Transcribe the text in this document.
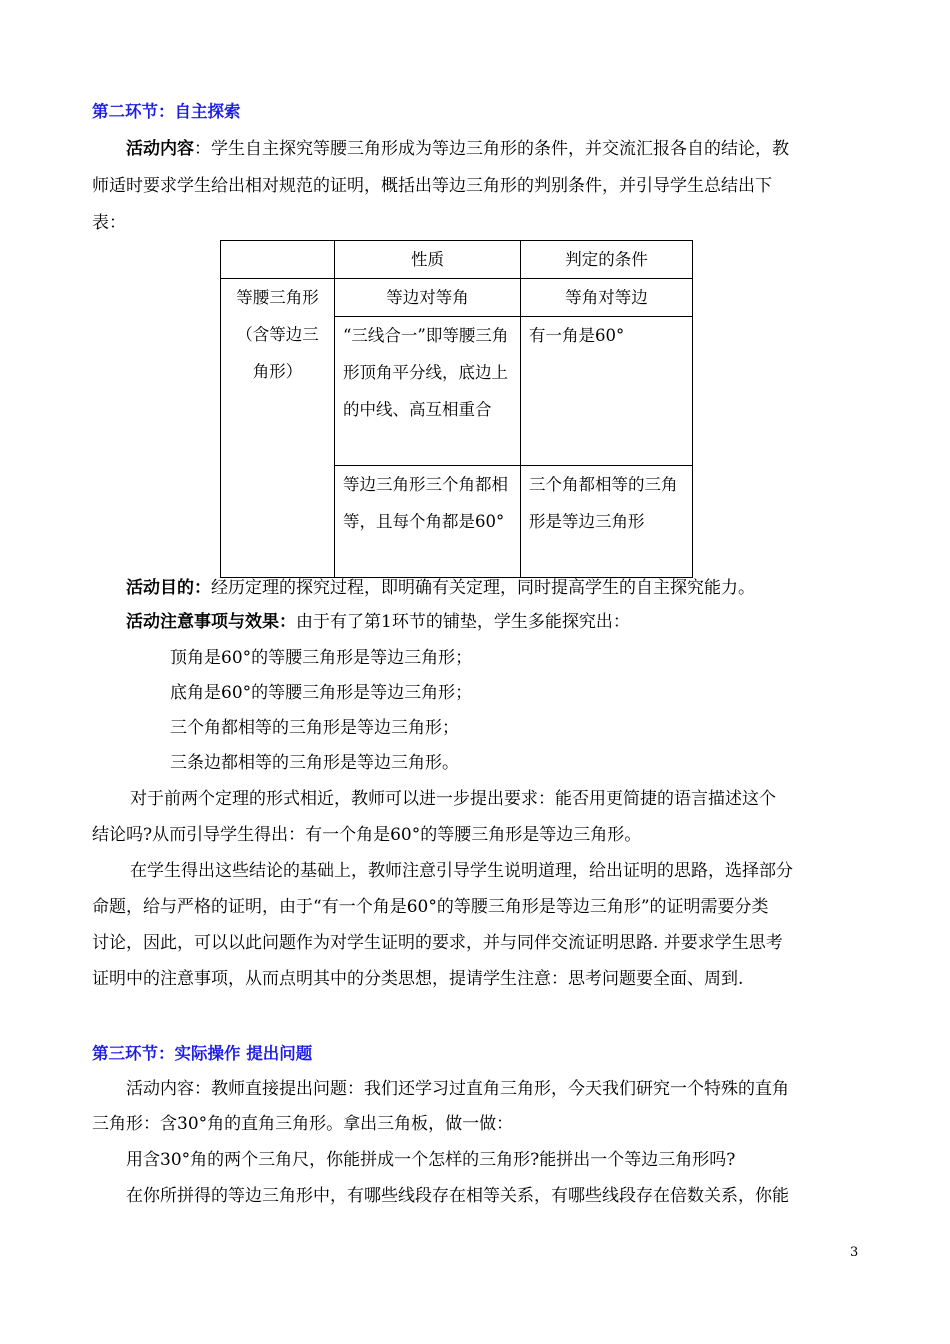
第二环节：自主探索
活动内容：学生自主探究等腰三角形成为等边三角形的条件，并交流汇报各自的结论，教
师适时要求学生给出相对规范的证明，概括出等边三角形的判别条件，并引导学生总结出下
表：
	性质	判定的条件
等腰三角形（含等边三角形）	等边对等角	等角对等边
	“三线合一”即等腰三角形顶角平分线，底边上的中线、高互相重合	有一角是60°
	等边三角形三个角都相等，且每个角都是60°	三个角都相等的三角形是等边三角形
活动目的：经历定理的探究过程，即明确有关定理，同时提高学生的自主探究能力。
活动注意事项与效果：由于有了第1环节的铺垫，学生多能探究出：
顶角是60°的等腰三角形是等边三角形；
底角是60°的等腰三角形是等边三角形；
三个角都相等的三角形是等边三角形；
三条边都相等的三角形是等边三角形。
对于前两个定理的形式相近，教师可以进一步提出要求：能否用更简捷的语言描述这个
结论吗?从而引导学生得出：有一个角是60°的等腰三角形是等边三角形。
在学生得出这些结论的基础上，教师注意引导学生说明道理，给出证明的思路，选择部分
命题，给与严格的证明，由于“有一个角是60°的等腰三角形是等边三角形”的证明需要分类
讨论，因此，可以以此问题作为对学生证明的要求，并与同伴交流证明思路. 并要求学生思考
证明中的注意事项，从而点明其中的分类思想，提请学生注意：思考问题要全面、周到.
第三环节：实际操作 提出问题
活动内容：教师直接提出问题：我们还学习过直角三角形，今天我们研究一个特殊的直角
三角形：含30°角的直角三角形。拿出三角板，做一做：
用含30°角的两个三角尺，你能拼成一个怎样的三角形?能拼出一个等边三角形吗?
在你所拼得的等边三角形中，有哪些线段存在相等关系，有哪些线段存在倍数关系，你能
3
